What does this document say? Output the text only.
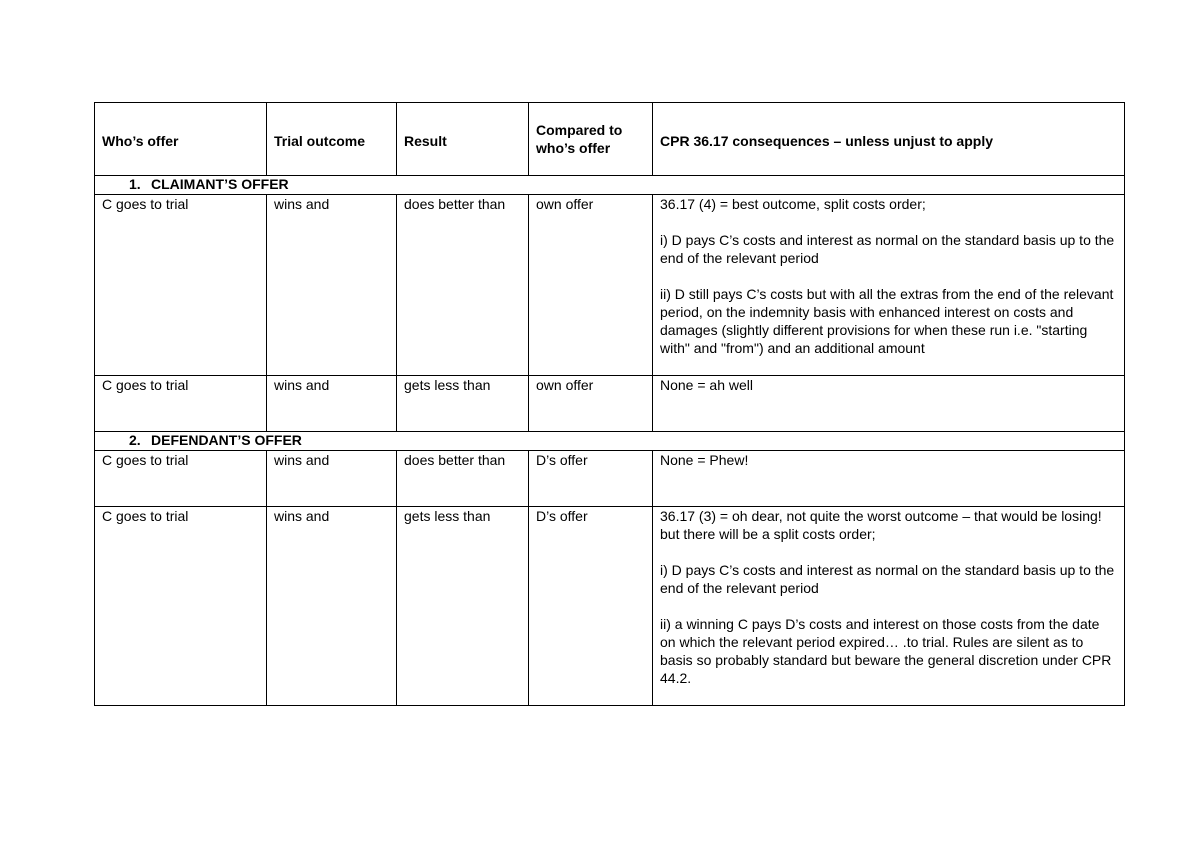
Who’s offer	Trial outcome	Result	Compared to who’s offer	CPR 36.17 consequences – unless unjust to apply
1. CLAIMANT’S OFFER				
C goes to trial	wins and	does better than	own offer	36.17 (4) = best outcome, split costs order;

i) D pays C’s costs and interest as normal on the standard basis up to the end of the relevant period

ii) D still pays C’s costs but with all the extras from the end of the relevant period, on the indemnity basis with enhanced interest on costs and damages (slightly different provisions for when these run i.e. "starting with" and "from") and an additional amount

C goes to trial	wins and	gets less than	own offer	None = ah well
2. DEFENDANT’S OFFER				
C goes to trial	wins and	does better than	D’s offer	None = Phew!
C goes to trial	wins and	gets less than	D’s offer	36.17 (3) = oh dear, not quite the worst outcome – that would be losing! but there will be a split costs order;

i) D pays C’s costs and interest as normal on the standard basis up to the end of the relevant period

ii) a winning C pays D’s costs and interest on those costs from the date on which the relevant period expired… .to trial. Rules are silent as to basis so probably standard but beware the general discretion under CPR 44.2.
